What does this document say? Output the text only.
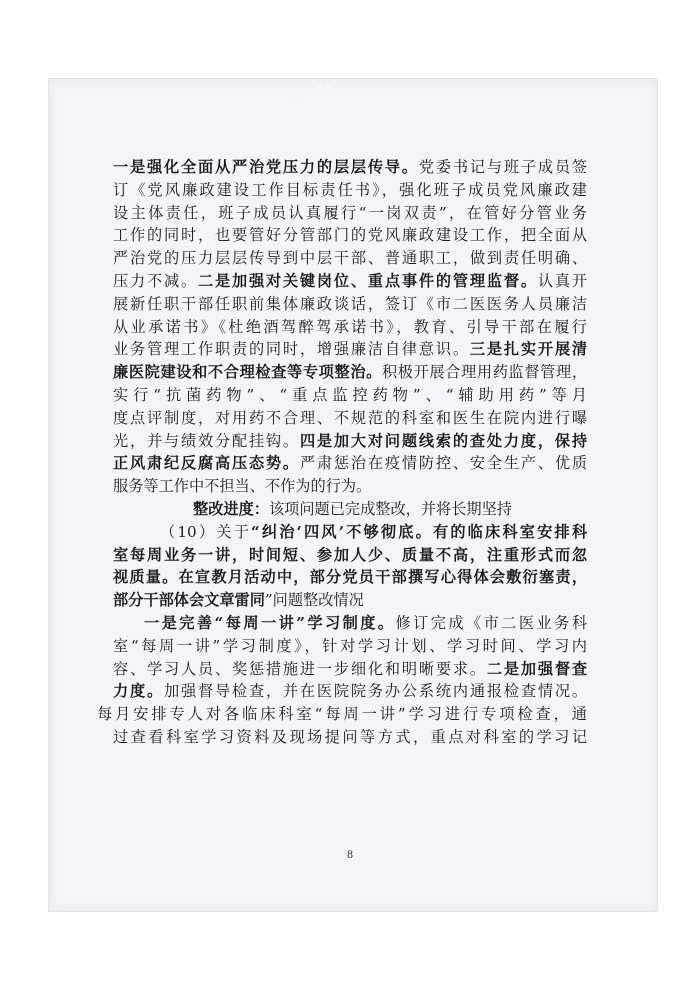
· · · · · · · · · · · ·
一是强化全面从严治党压力的层层传导。党委书记与班子成员签
订《党风廉政建设工作目标责任书》，强化班子成员党风廉政建
设主体责任，班子成员认真履行“一岗双责”，在管好分管业务
工作的同时，也要管好分管部门的党风廉政建设工作，把全面从
严治党的压力层层传导到中层干部、普通职工，做到责任明确、
压力不减。二是加强对关键岗位、重点事件的管理监督。认真开
展新任职干部任职前集体廉政谈话，签订《市二医医务人员廉洁
从业承诺书》《杜绝酒驾醉驾承诺书》，教育、引导干部在履行
业务管理工作职责的同时，增强廉洁自律意识。三是扎实开展清
廉医院建设和不合理检查等专项整治。积极开展合理用药监督管理，
实行“抗菌药物”、“重点监控药物”、“辅助用药”等月
度点评制度，对用药不合理、不规范的科室和医生在院内进行曝
光，并与绩效分配挂钩。四是加大对问题线索的查处力度，保持
正风肃纪反腐高压态势。严肃惩治在疫情防控、安全生产、优质
服务等工作中不担当、不作为的行为。
整改进度：该项问题已完成整改，并将长期坚持
（10）关于“纠治‘四风’不够彻底。有的临床科室安排科
室每周业务一讲，时间短、参加人少、质量不高，注重形式而忽
视质量。在宣教月活动中，部分党员干部撰写心得体会敷衍塞责，
部分干部体会文章雷同”问题整改情况
一是完善“每周一讲”学习制度。修订完成《市二医业务科
室“每周一讲”学习制度》，针对学习计划、学习时间、学习内
容、学习人员、奖惩措施进一步细化和明晰要求。二是加强督查
力度。加强督导检查，并在医院院务办公系统内通报检查情况。
每月安排专人对各临床科室“每周一讲”学习进行专项检查，通
过查看科室学习资料及现场提问等方式，重点对科室的学习记
8
